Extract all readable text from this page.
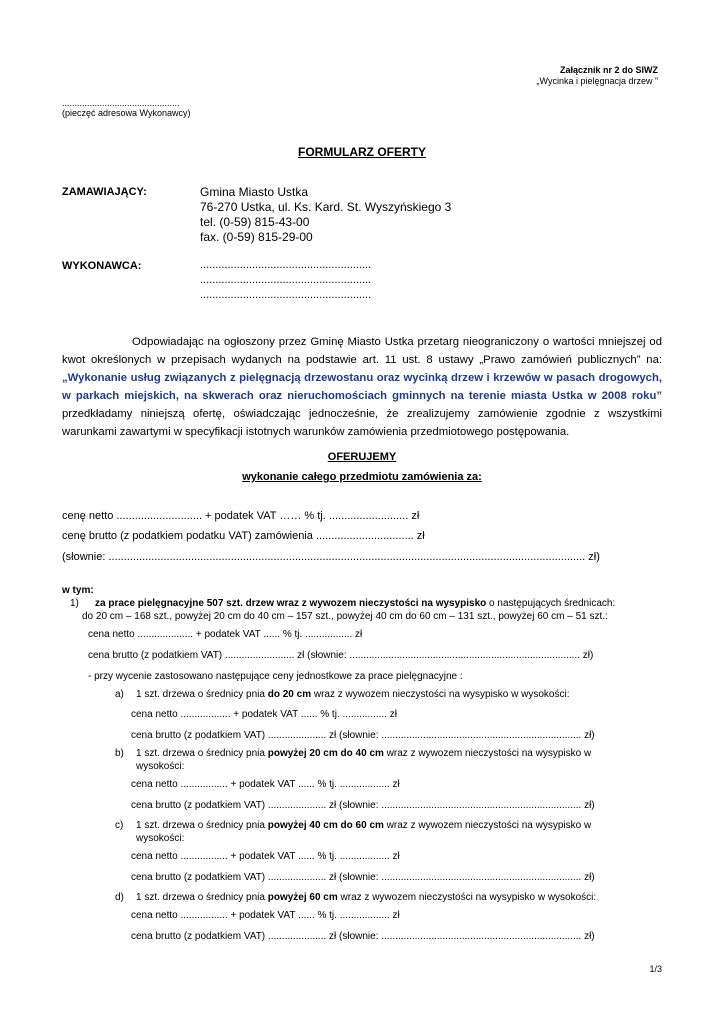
Załącznik nr 2 do SIWZ
„Wycinka i pielęgnacja drzew ”
...............................................
(pieczęć adresowa Wykonawcy)
FORMULARZ OFERTY
ZAMAWIAJĄCY:	Gmina Miasto Ustka
76-270 Ustka, ul. Ks. Kard. St. Wyszyńskiego 3
tel. (0-59) 815-43-00
fax. (0-59) 815-29-00
WYKONAWCA:	........................................................
........................................................
........................................................
Odpowiadając na ogłoszony przez Gminę Miasto Ustka przetarg nieograniczony o wartości mniejszej od kwot określonych w przepisach wydanych na podstawie art. 11 ust. 8 ustawy „Prawo zamówień publicznych” na: „Wykonanie usług związanych z pielęgnacją drzewostanu oraz wycinką drzew i krzewów w pasach drogowych, w parkach miejskich, na skwerach oraz nieruchomościach gminnych na terenie miasta Ustka w 2008 roku” przedkładamy niniejszą ofertę, oświadczając jednocześnie, że zrealizujemy zamówienie zgodnie z wszystkimi warunkami zawartymi w specyfikacji istotnych warunków zamówienia przedmiotowego postępowania.
OFERUJEMY
wykonanie całego przedmiotu zamówienia za:
cenę netto ............................ + podatek VAT …… % tj. .......................... zł
cenę brutto (z podatkiem podatku VAT) zamówienia ................................ zł
(słownie: ............................................................................................................................................................ zł)
w tym:
1) za prace pielęgnacyjne 507 szt. drzew wraz z wywozem nieczystości na wysypisko o następujących średnicach:
do 20 cm – 168 szt., powyżej 20 cm do 40 cm – 157 szt., powyżej 40 cm do 60 cm – 131 szt., powyżej 60 cm – 51 szt.:
cena netto .................... + podatek VAT ...... % tj. ................. zł
cena brutto (z podatkiem VAT) ......................... zł (słownie: ................................................................................... zł)
- przy wycenie zastosowano następujące ceny jednostkowe za prace pielęgnacyjne :
a) 1 szt. drzewa o średnicy pnia do 20 cm wraz z wywozem nieczystości na wysypisko w wysokości:
cena netto .................. + podatek VAT ...... % tj. ................ zł
cena brutto (z podatkiem VAT) ..................... zł (słownie: ........................................................................ zł)
b) 1 szt. drzewa o średnicy pnia powyżej 20 cm do 40 cm wraz z wywozem nieczystości na wysypisko w
wysokości:
cena netto ................. + podatek VAT ...... % tj. .................. zł
cena brutto (z podatkiem VAT) ..................... zł (słownie: ........................................................................ zł)
c) 1 szt. drzewa o średnicy pnia powyżej 40 cm do 60 cm wraz z wywozem nieczystości na wysypisko w
wysokości:
cena netto ................. + podatek VAT ...... % tj. .................. zł
cena brutto (z podatkiem VAT) ..................... zł (słownie: ........................................................................ zł)
d) 1 szt. drzewa o średnicy pnia powyżej 60 cm wraz z wywozem nieczystości na wysypisko w wysokości:
cena netto ................. + podatek VAT ...... % tj. .................. zł
cena brutto (z podatkiem VAT) ..................... zł (słownie: ........................................................................ zł)
1/3
